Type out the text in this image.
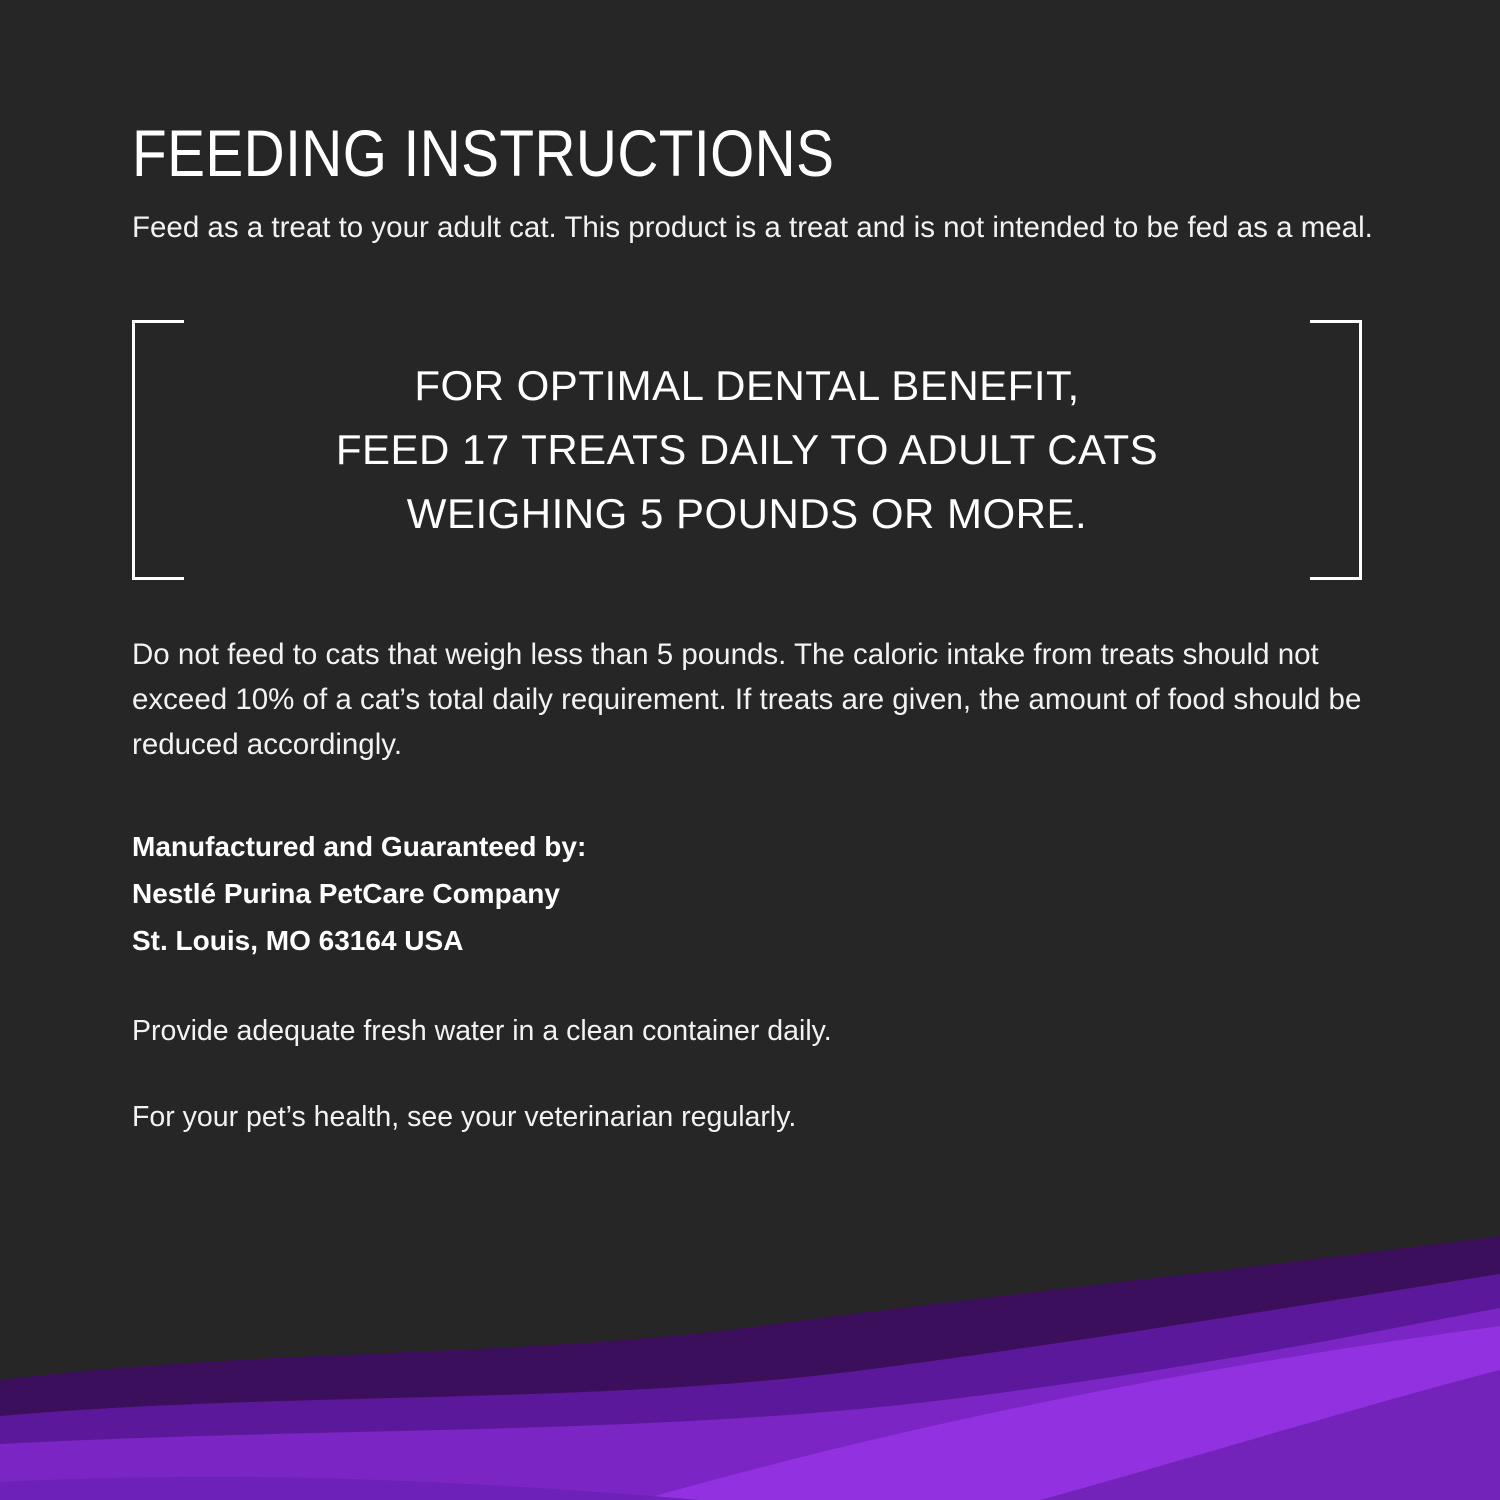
FEEDING INSTRUCTIONS

Feed as a treat to your adult cat. This product is a treat and is not intended to be fed as a meal.

FOR OPTIMAL DENTAL BENEFIT,
FEED 17 TREATS DAILY TO ADULT CATS
WEIGHING 5 POUNDS OR MORE.

Do not feed to cats that weigh less than 5 pounds. The caloric intake from treats should not exceed 10% of a cat’s total daily requirement. If treats are given, the amount of food should be reduced accordingly.

Manufactured and Guaranteed by:
Nestlé Purina PetCare Company
St. Louis, MO 63164 USA

Provide adequate fresh water in a clean container daily.

For your pet’s health, see your veterinarian regularly.
